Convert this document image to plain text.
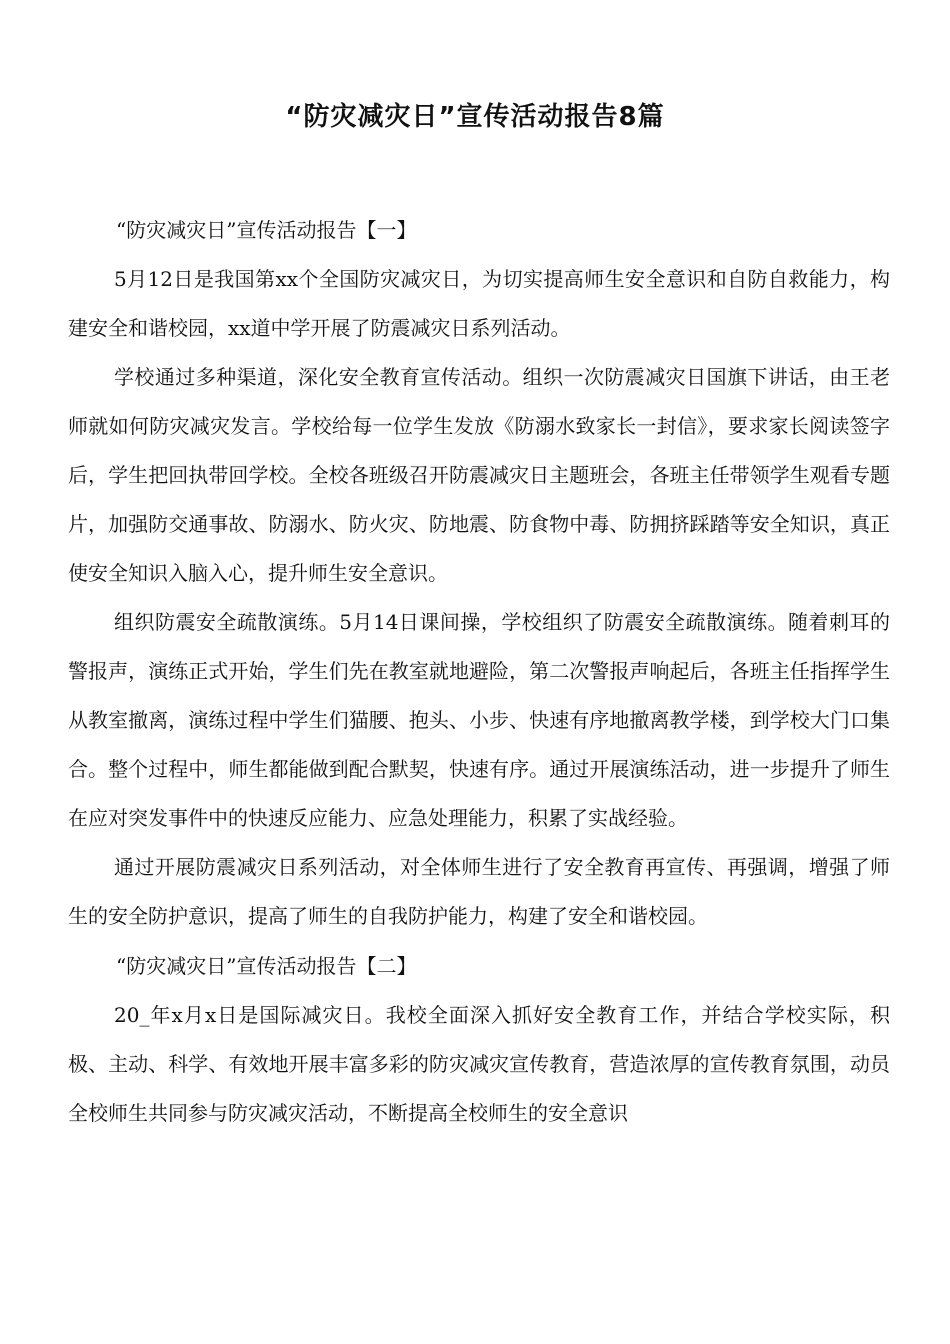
“防灾减灾日”宣传活动报告8篇

“防灾减灾日”宣传活动报告【一】

5月12日是我国第xx个全国防灾减灾日，为切实提高师生安全意识和自防自救能力，构建安全和谐校园，xx道中学开展了防震减灾日系列活动。

学校通过多种渠道，深化安全教育宣传活动。组织一次防震减灾日国旗下讲话，由王老师就如何防灾减灾发言。学校给每一位学生发放《防溺水致家长一封信》，要求家长阅读签字后，学生把回执带回学校。全校各班级召开防震减灾日主题班会，各班主任带领学生观看专题片，加强防交通事故、防溺水、防火灾、防地震、防食物中毒、防拥挤踩踏等安全知识，真正使安全知识入脑入心，提升师生安全意识。

组织防震安全疏散演练。5月14日课间操，学校组织了防震安全疏散演练。随着刺耳的警报声，演练正式开始，学生们先在教室就地避险，第二次警报声响起后，各班主任指挥学生从教室撤离，演练过程中学生们猫腰、抱头、小步、快速有序地撤离教学楼，到学校大门口集合。整个过程中，师生都能做到配合默契，快速有序。通过开展演练活动，进一步提升了师生在应对突发事件中的快速反应能力、应急处理能力，积累了实战经验。

通过开展防震减灾日系列活动，对全体师生进行了安全教育再宣传、再强调，增强了师生的安全防护意识，提高了师生的自我防护能力，构建了安全和谐校园。

“防灾减灾日”宣传活动报告【二】

20_年x月x日是国际减灾日。我校全面深入抓好安全教育工作，并结合学校实际，积极、主动、科学、有效地开展丰富多彩的防灾减灾宣传教育，营造浓厚的宣传教育氛围，动员全校师生共同参与防灾减灾活动，不断提高全校师生的安全意识
